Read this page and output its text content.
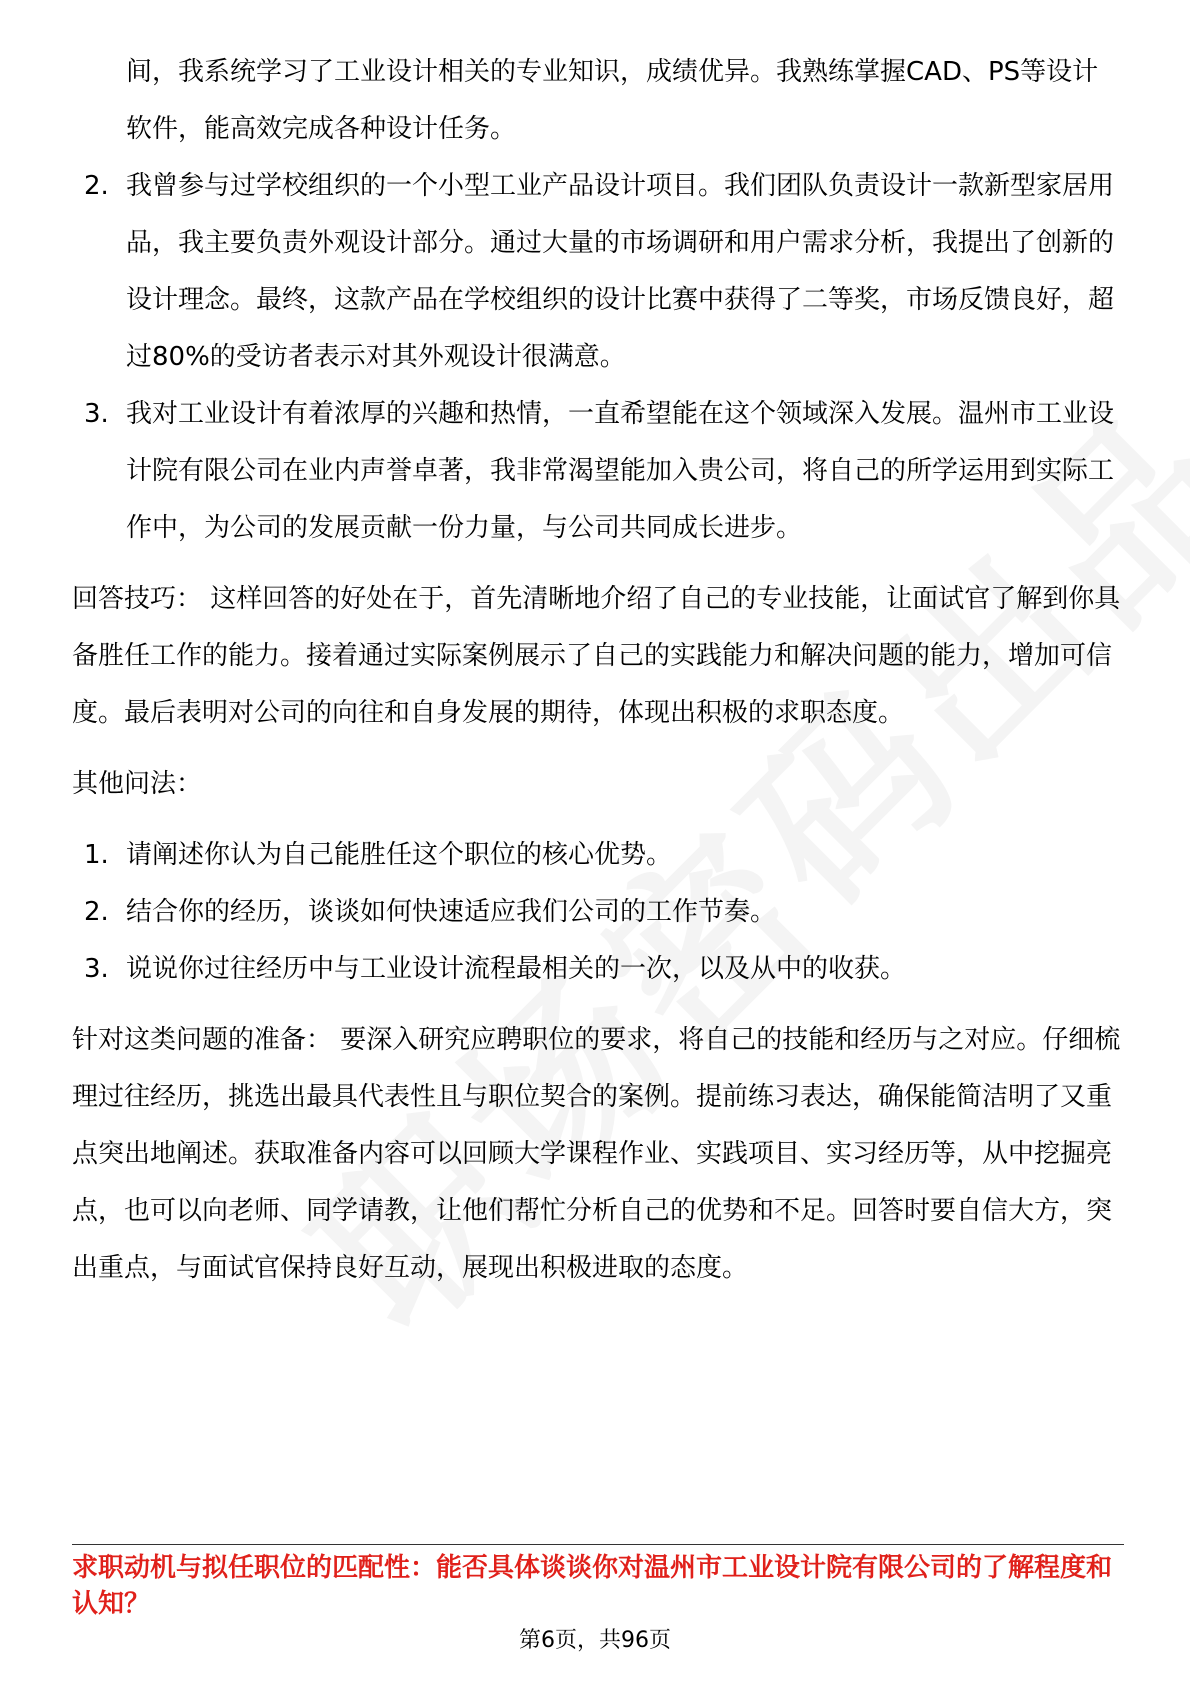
间，我系统学习了工业设计相关的专业知识，成绩优异。我熟练掌握CAD、PS等设计软件，能高效完成各种设计任务。
2. 我曾参与过学校组织的一个小型工业产品设计项目。我们团队负责设计一款新型家居用品，我主要负责外观设计部分。通过大量的市场调研和用户需求分析，我提出了创新的设计理念。最终，这款产品在学校组织的设计比赛中获得了二等奖，市场反馈良好，超过80%的受访者表示对其外观设计很满意。
3. 我对工业设计有着浓厚的兴趣和热情，一直希望能在这个领域深入发展。温州市工业设计院有限公司在业内声誉卓著，我非常渴望能加入贵公司，将自己的所学运用到实际工作中，为公司的发展贡献一份力量，与公司共同成长进步。

回答技巧： 这样回答的好处在于，首先清晰地介绍了自己的专业技能，让面试官了解到你具备胜任工作的能力。接着通过实际案例展示了自己的实践能力和解决问题的能力，增加可信度。最后表明对公司的向往和自身发展的期待，体现出积极的求职态度。

其他问法：

1. 请阐述你认为自己能胜任这个职位的核心优势。
2. 结合你的经历，谈谈如何快速适应我们公司的工作节奏。
3. 说说你过往经历中与工业设计流程最相关的一次，以及从中的收获。

针对这类问题的准备： 要深入研究应聘职位的要求，将自己的技能和经历与之对应。仔细梳理过往经历，挑选出最具代表性且与职位契合的案例。提前练习表达，确保能简洁明了又重点突出地阐述。获取准备内容可以回顾大学课程作业、实践项目、实习经历等，从中挖掘亮点，也可以向老师、同学请教，让他们帮忙分析自己的优势和不足。回答时要自信大方，突出重点，与面试官保持良好互动，展现出积极进取的态度。

求职动机与拟任职位的匹配性：能否具体谈谈你对温州市工业设计院有限公司的了解程度和认知？

第6页，共96页
